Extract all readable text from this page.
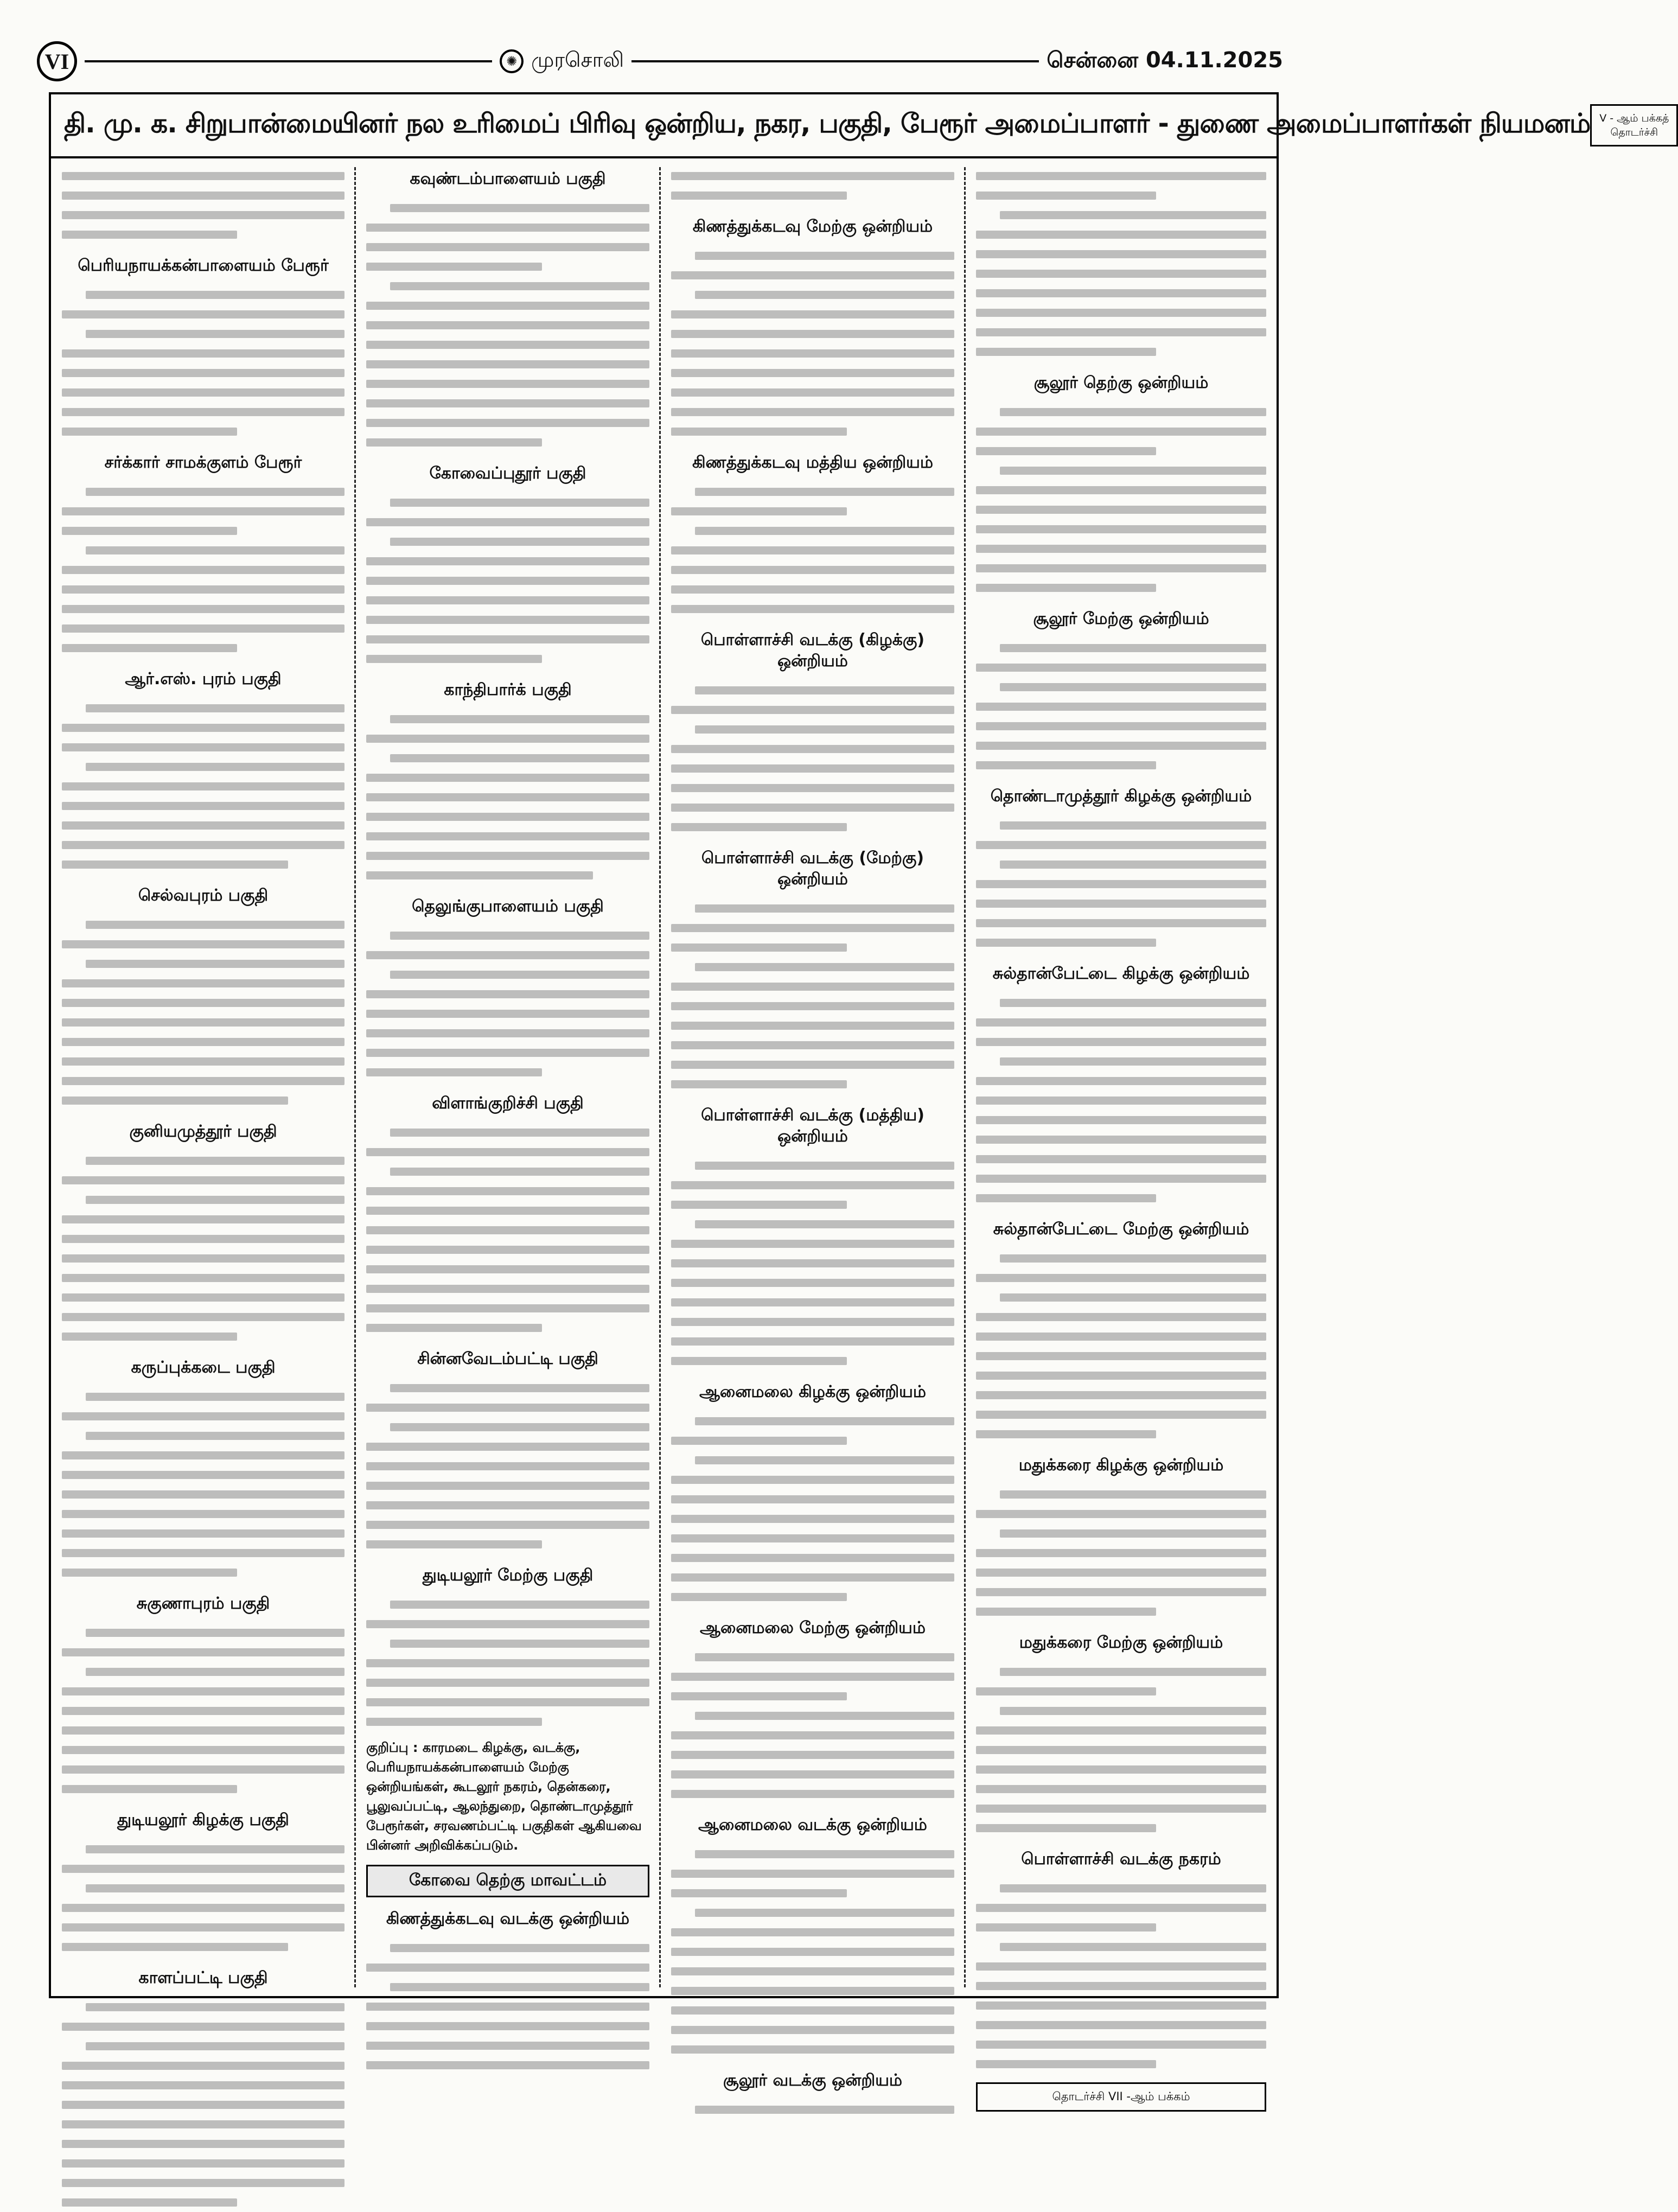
VI	✺ முரசொலி	சென்னை 04.11.2025
தி. மு. க. சிறுபான்மையினர் நல உரிமைப் பிரிவு ஒன்றிய, நகர, பகுதி, பேரூர் அமைப்பாளர் - துணை அமைப்பாளர்கள் நியமனம் V - ஆம் பக்கத்
தொடர்ச்சி
பெரியநாயக்கன்பாளையம் பேரூர்
சர்க்கார் சாமக்குளம் பேரூர்
ஆர்.எஸ். புரம் பகுதி
செல்வபுரம் பகுதி
குனியமுத்தூர் பகுதி
கருப்புக்கடை பகுதி
சுகுணாபுரம் பகுதி
துடியலூர் கிழக்கு பகுதி
காளப்பட்டி பகுதி
கவுண்டம்பாளையம் பகுதி
கோவைப்புதூர் பகுதி
காந்திபார்க் பகுதி
தெலுங்குபாளையம் பகுதி
விளாங்குறிச்சி பகுதி
சின்னவேடம்பட்டி பகுதி
துடியலூர் மேற்கு பகுதி
குறிப்பு : காரமடை கிழக்கு, வடக்கு, பெரியநாயக்கன்பாளையம் மேற்கு ஒன்றியங்கள், கூடலூர் நகரம், தென்கரை, பூலுவப்பட்டி, ஆலந்துறை, தொண்டாமுத்தூர் பேரூர்கள், சரவணம்பட்டி பகுதிகள் ஆகியவை பின்னர் அறிவிக்கப்படும்.
கோவை தெற்கு மாவட்டம்
கிணத்துக்கடவு வடக்கு ஒன்றியம்
கிணத்துக்கடவு மேற்கு ஒன்றியம்
கிணத்துக்கடவு மத்திய ஒன்றியம்
பொள்ளாச்சி வடக்கு (கிழக்கு) ஒன்றியம்
பொள்ளாச்சி வடக்கு (மேற்கு) ஒன்றியம்
பொள்ளாச்சி வடக்கு (மத்திய) ஒன்றியம்
ஆனைமலை கிழக்கு ஒன்றியம்
ஆனைமலை மேற்கு ஒன்றியம்
ஆனைமலை வடக்கு ஒன்றியம்
சூலூர் வடக்கு ஒன்றியம்
சூலூர் தெற்கு ஒன்றியம்
சூலூர் மேற்கு ஒன்றியம்
தொண்டாமுத்தூர் கிழக்கு ஒன்றியம்
சுல்தான்பேட்டை கிழக்கு ஒன்றியம்
சுல்தான்பேட்டை மேற்கு ஒன்றியம்
மதுக்கரை கிழக்கு ஒன்றியம்
மதுக்கரை மேற்கு ஒன்றியம்
பொள்ளாச்சி வடக்கு நகரம்
தொடர்ச்சி VII -ஆம் பக்கம்
